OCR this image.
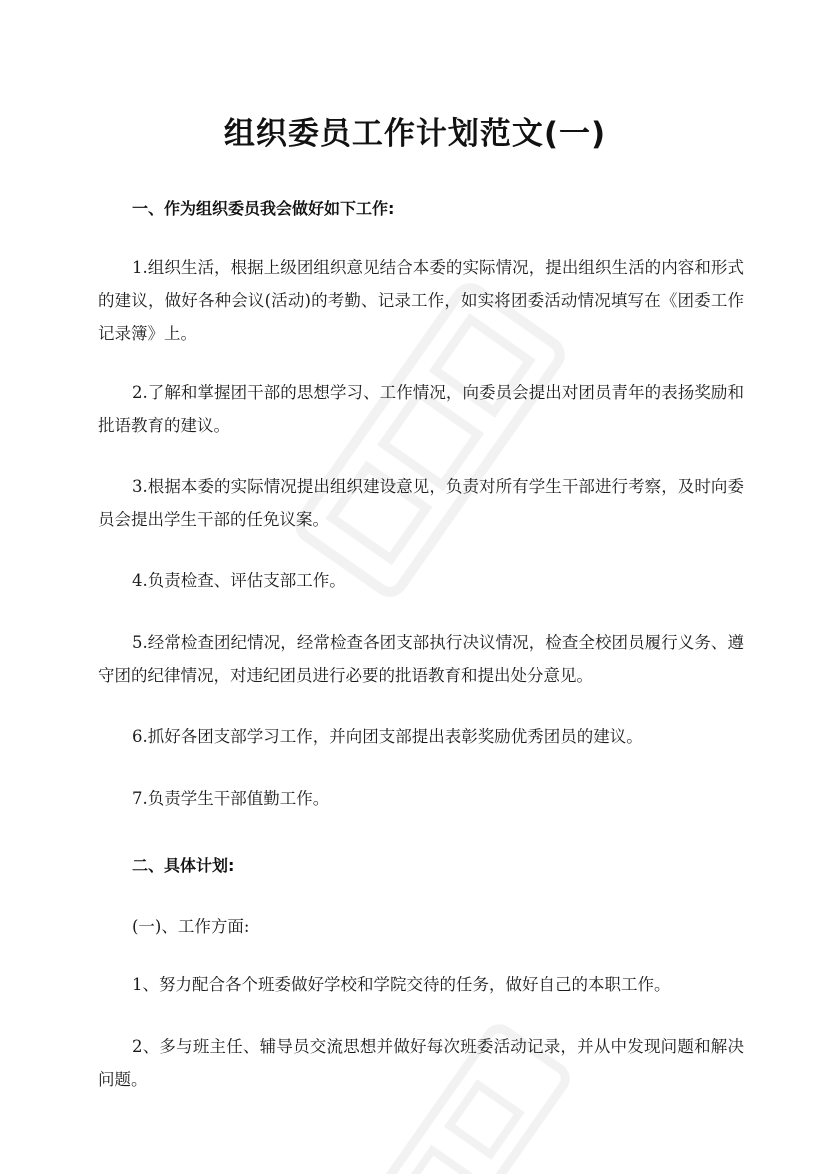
组织委员工作计划范文(一)
一、作为组织委员我会做好如下工作:
1.组织生活，根据上级团组织意见结合本委的实际情况，提出组织生活的内容和形式的建议，做好各种会议(活动)的考勤、记录工作，如实将团委活动情况填写在《团委工作记录簿》上。
2.了解和掌握团干部的思想学习、工作情况，向委员会提出对团员青年的表扬奖励和批语教育的建议。
3.根据本委的实际情况提出组织建设意见，负责对所有学生干部进行考察，及时向委员会提出学生干部的任免议案。
4.负责检查、评估支部工作。
5.经常检查团纪情况，经常检查各团支部执行决议情况，检查全校团员履行义务、遵守团的纪律情况，对违纪团员进行必要的批语教育和提出处分意见。
6.抓好各团支部学习工作，并向团支部提出表彰奖励优秀团员的建议。
7.负责学生干部值勤工作。
二、具体计划:
(一)、工作方面:
1、努力配合各个班委做好学校和学院交待的任务，做好自己的本职工作。
2、多与班主任、辅导员交流思想并做好每次班委活动记录，并从中发现问题和解决问题。
